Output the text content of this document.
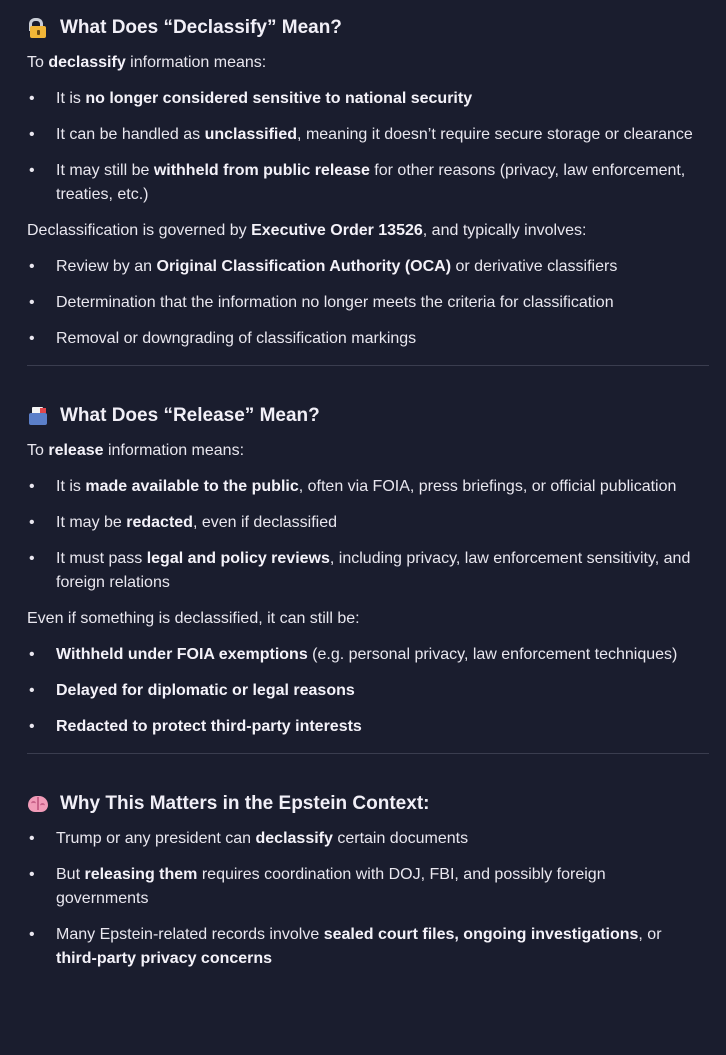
What Does “Declassify” Mean?

To declassify information means:

• It is no longer considered sensitive to national security
• It can be handled as unclassified, meaning it doesn’t require secure storage or clearance
• It may still be withheld from public release for other reasons (privacy, law enforcement, treaties, etc.)

Declassification is governed by Executive Order 13526, and typically involves:

• Review by an Original Classification Authority (OCA) or derivative classifiers
• Determination that the information no longer meets the criteria for classification
• Removal or downgrading of classification markings
What Does “Release” Mean?

To release information means:

• It is made available to the public, often via FOIA, press briefings, or official publication
• It may be redacted, even if declassified
• It must pass legal and policy reviews, including privacy, law enforcement sensitivity, and foreign relations

Even if something is declassified, it can still be:

• Withheld under FOIA exemptions (e.g. personal privacy, law enforcement techniques)
• Delayed for diplomatic or legal reasons
• Redacted to protect third-party interests
Why This Matters in the Epstein Context:
• Trump or any president can declassify certain documents
• But releasing them requires coordination with DOJ, FBI, and possibly foreign governments
• Many Epstein-related records involve sealed court files, ongoing investigations, or third-party privacy concerns
